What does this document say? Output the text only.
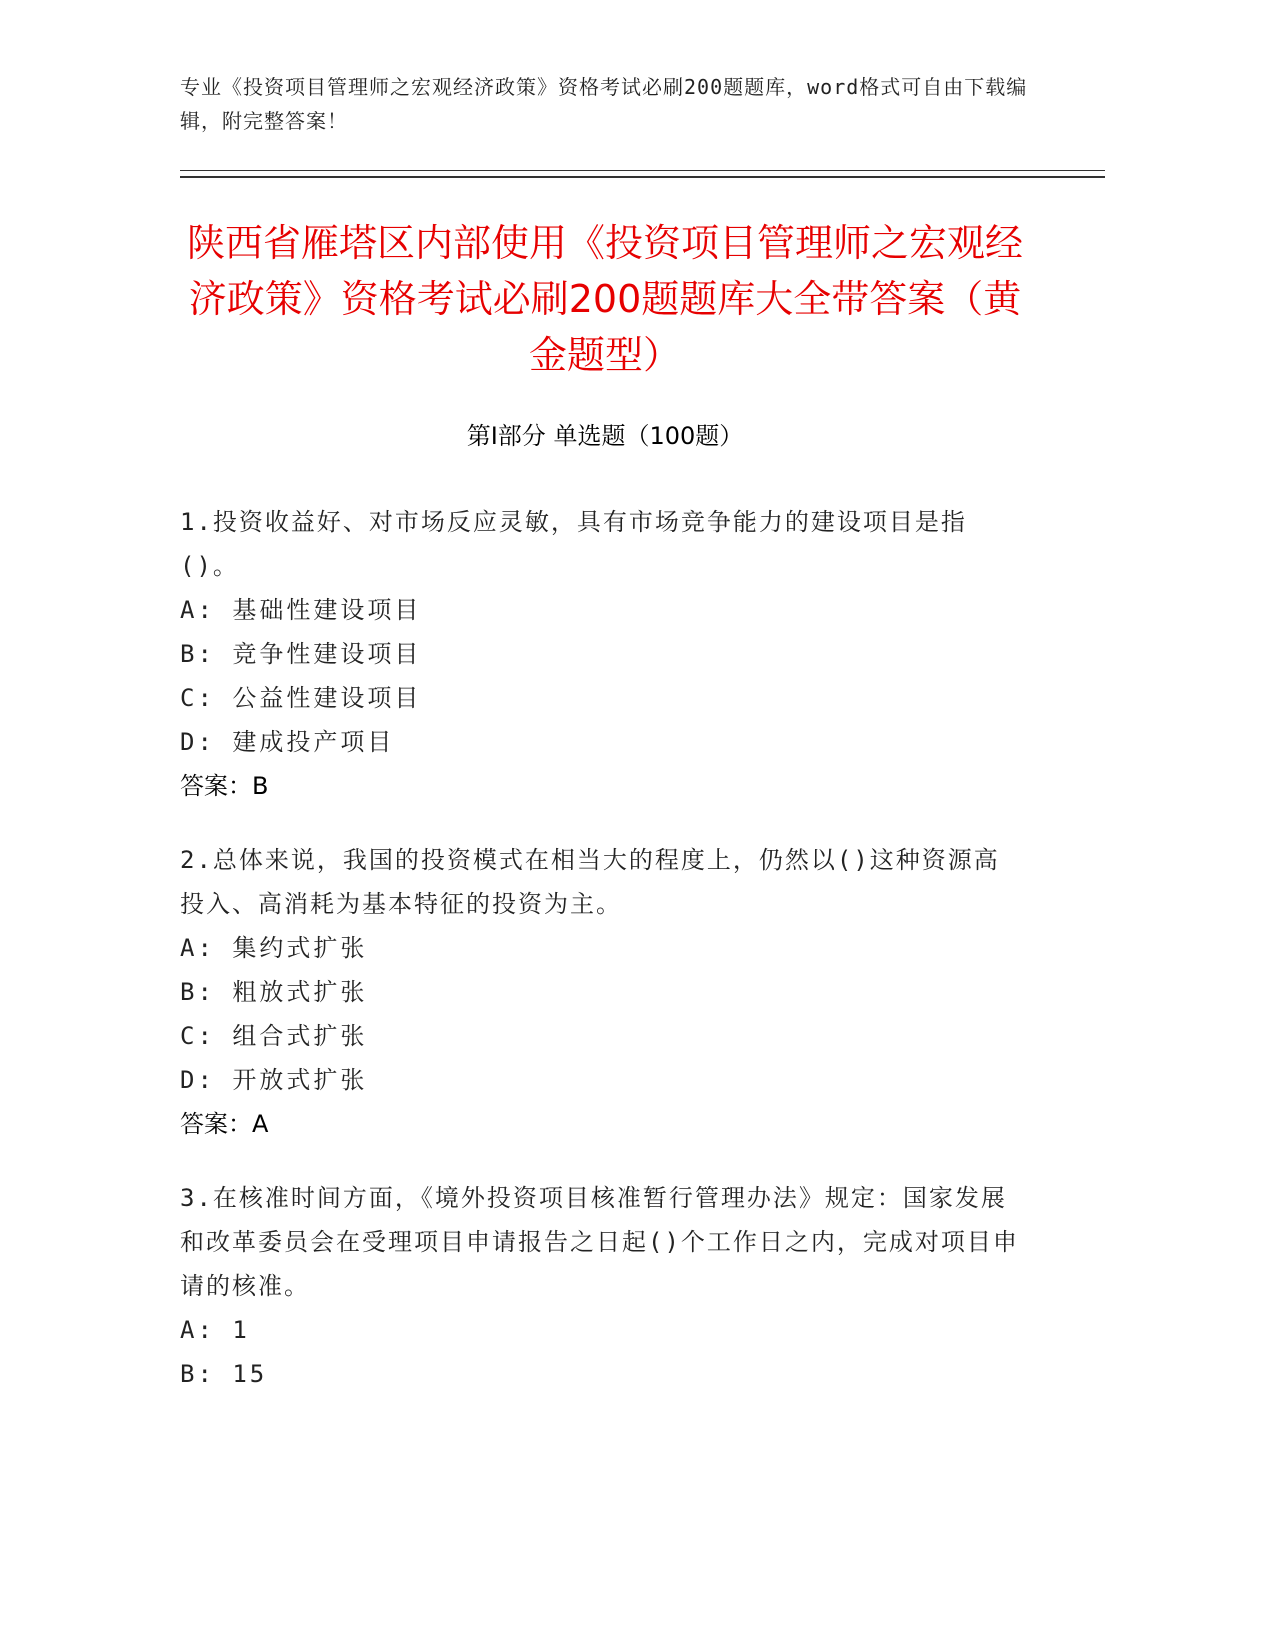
专业《投资项目管理师之宏观经济政策》资格考试必刷200题题库，word格式可自由下载编辑，附完整答案！
陕西省雁塔区内部使用《投资项目管理师之宏观经济政策》资格考试必刷200题题库大全带答案（黄金题型）
第I部分 单选题（100题）
1.投资收益好、对市场反应灵敏，具有市场竞争能力的建设项目是指()。
A: 基础性建设项目
B: 竞争性建设项目
C: 公益性建设项目
D: 建成投产项目
答案：B
2.总体来说，我国的投资模式在相当大的程度上，仍然以()这种资源高投入、高消耗为基本特征的投资为主。
A: 集约式扩张
B: 粗放式扩张
C: 组合式扩张
D: 开放式扩张
答案：A
3.在核准时间方面，《境外投资项目核准暂行管理办法》规定：国家发展和改革委员会在受理项目申请报告之日起()个工作日之内，完成对项目申请的核准。
A: 1
B: 15
